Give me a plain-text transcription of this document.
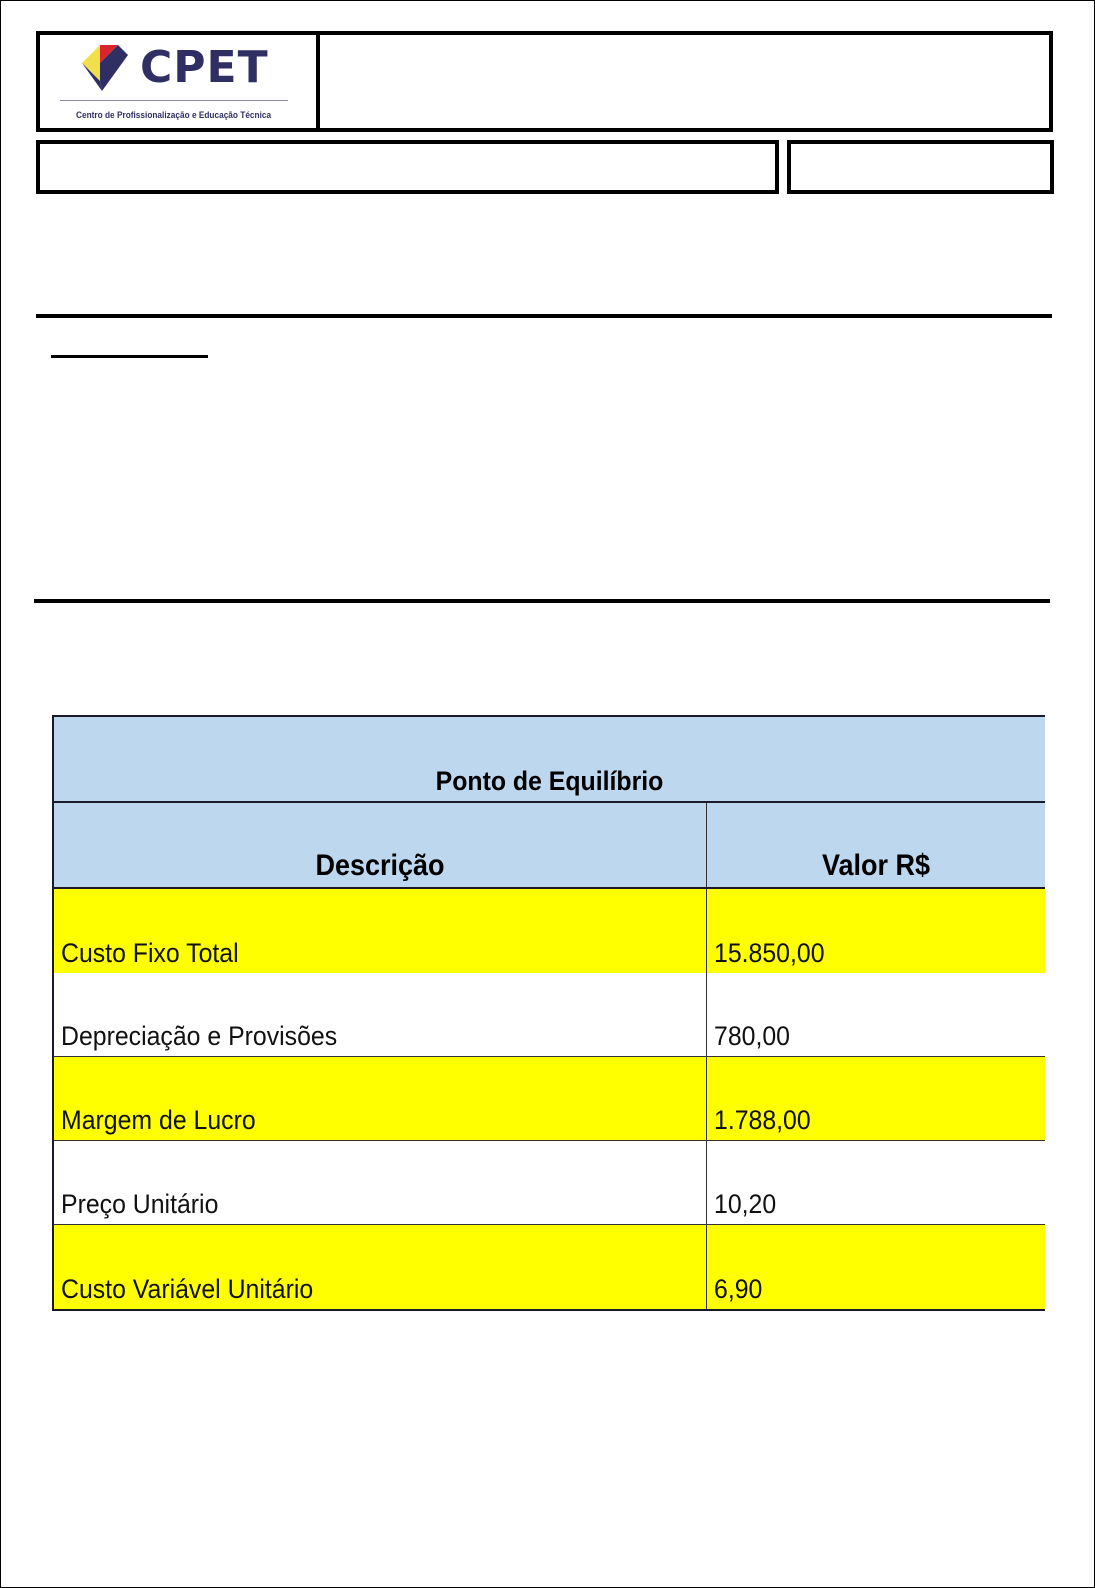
CPET
Centro de Profissionalização e Educação Técnica
Ponto de Equilíbrio
Descrição	Valor R$
Custo Fixo Total	15.850,00
Depreciação e Provisões	780,00
Margem de Lucro	1.788,00
Preço Unitário	10,20
Custo Variável Unitário	6,90
